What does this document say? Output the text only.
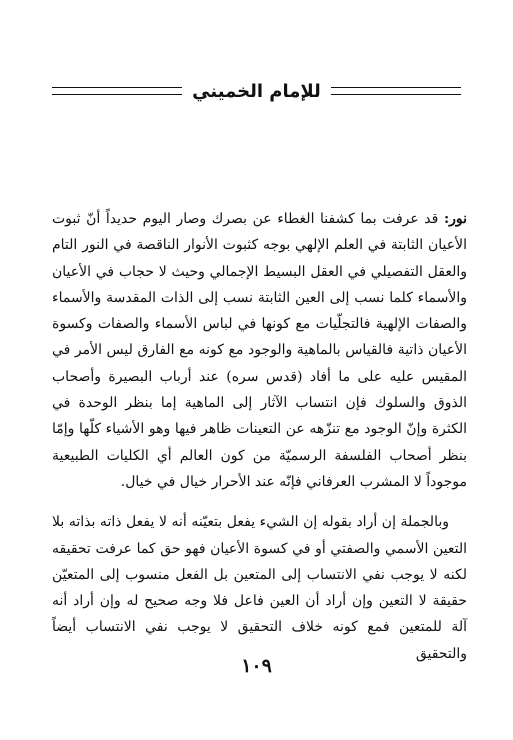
للإمام الخميني

نور: قد عرفت بما كشفنا الغطاء عن بصرك وصار اليوم حديداً أنّ ثبوت الأعيان الثابتة في العلم الإلهي بوجه كثبوت الأنوار الناقصة في النور التام والعقل التفصيلي في العقل البسيط الإجمالي وحيث لا حجاب في الأعيان والأسماء كلما نسب إلى العين الثابتة نسب إلى الذات المقدسة والأسماء والصفات الإلهية فالتجلّيات مع كونها في لباس الأسماء والصفات وكسوة الأعيان ذاتية فالقياس بالماهية والوجود مع كونه مع الفارق ليس الأمر في المقيس عليه على ما أفاد (قدس سره) عند أرباب البصيرة وأصحاب الذوق والسلوك فإن انتساب الآثار إلى الماهية إما بنظر الوحدة في الكثرة وإنّ الوجود مع تنزّهه عن التعينات ظاهر فيها وهو الأشياء كلّها وإمّا بنظر أصحاب الفلسفة الرسميّة من كون العالم أي الكليات الطبيعية موجوداً لا المشرب العرفاني فإنّه عند الأحرار خيال في خيال.

وبالجملة إن أراد بقوله إن الشيء يفعل بتعيّنه أنه لا يفعل ذاته بذاته بلا التعين الأسمي والصفتي أو في كسوة الأعيان فهو حق كما عرفت تحقيقه لكنه لا يوجب نفي الانتساب إلى المتعين بل الفعل منسوب إلى المتعيّن حقيقة لا التعين وإن أراد أن العين فاعل فلا وجه صحيح له وإن أراد أنه آلة للمتعين فمع كونه خلاف التحقيق لا يوجب نفي الانتساب أيضاً والتحقيق

١٠٩
